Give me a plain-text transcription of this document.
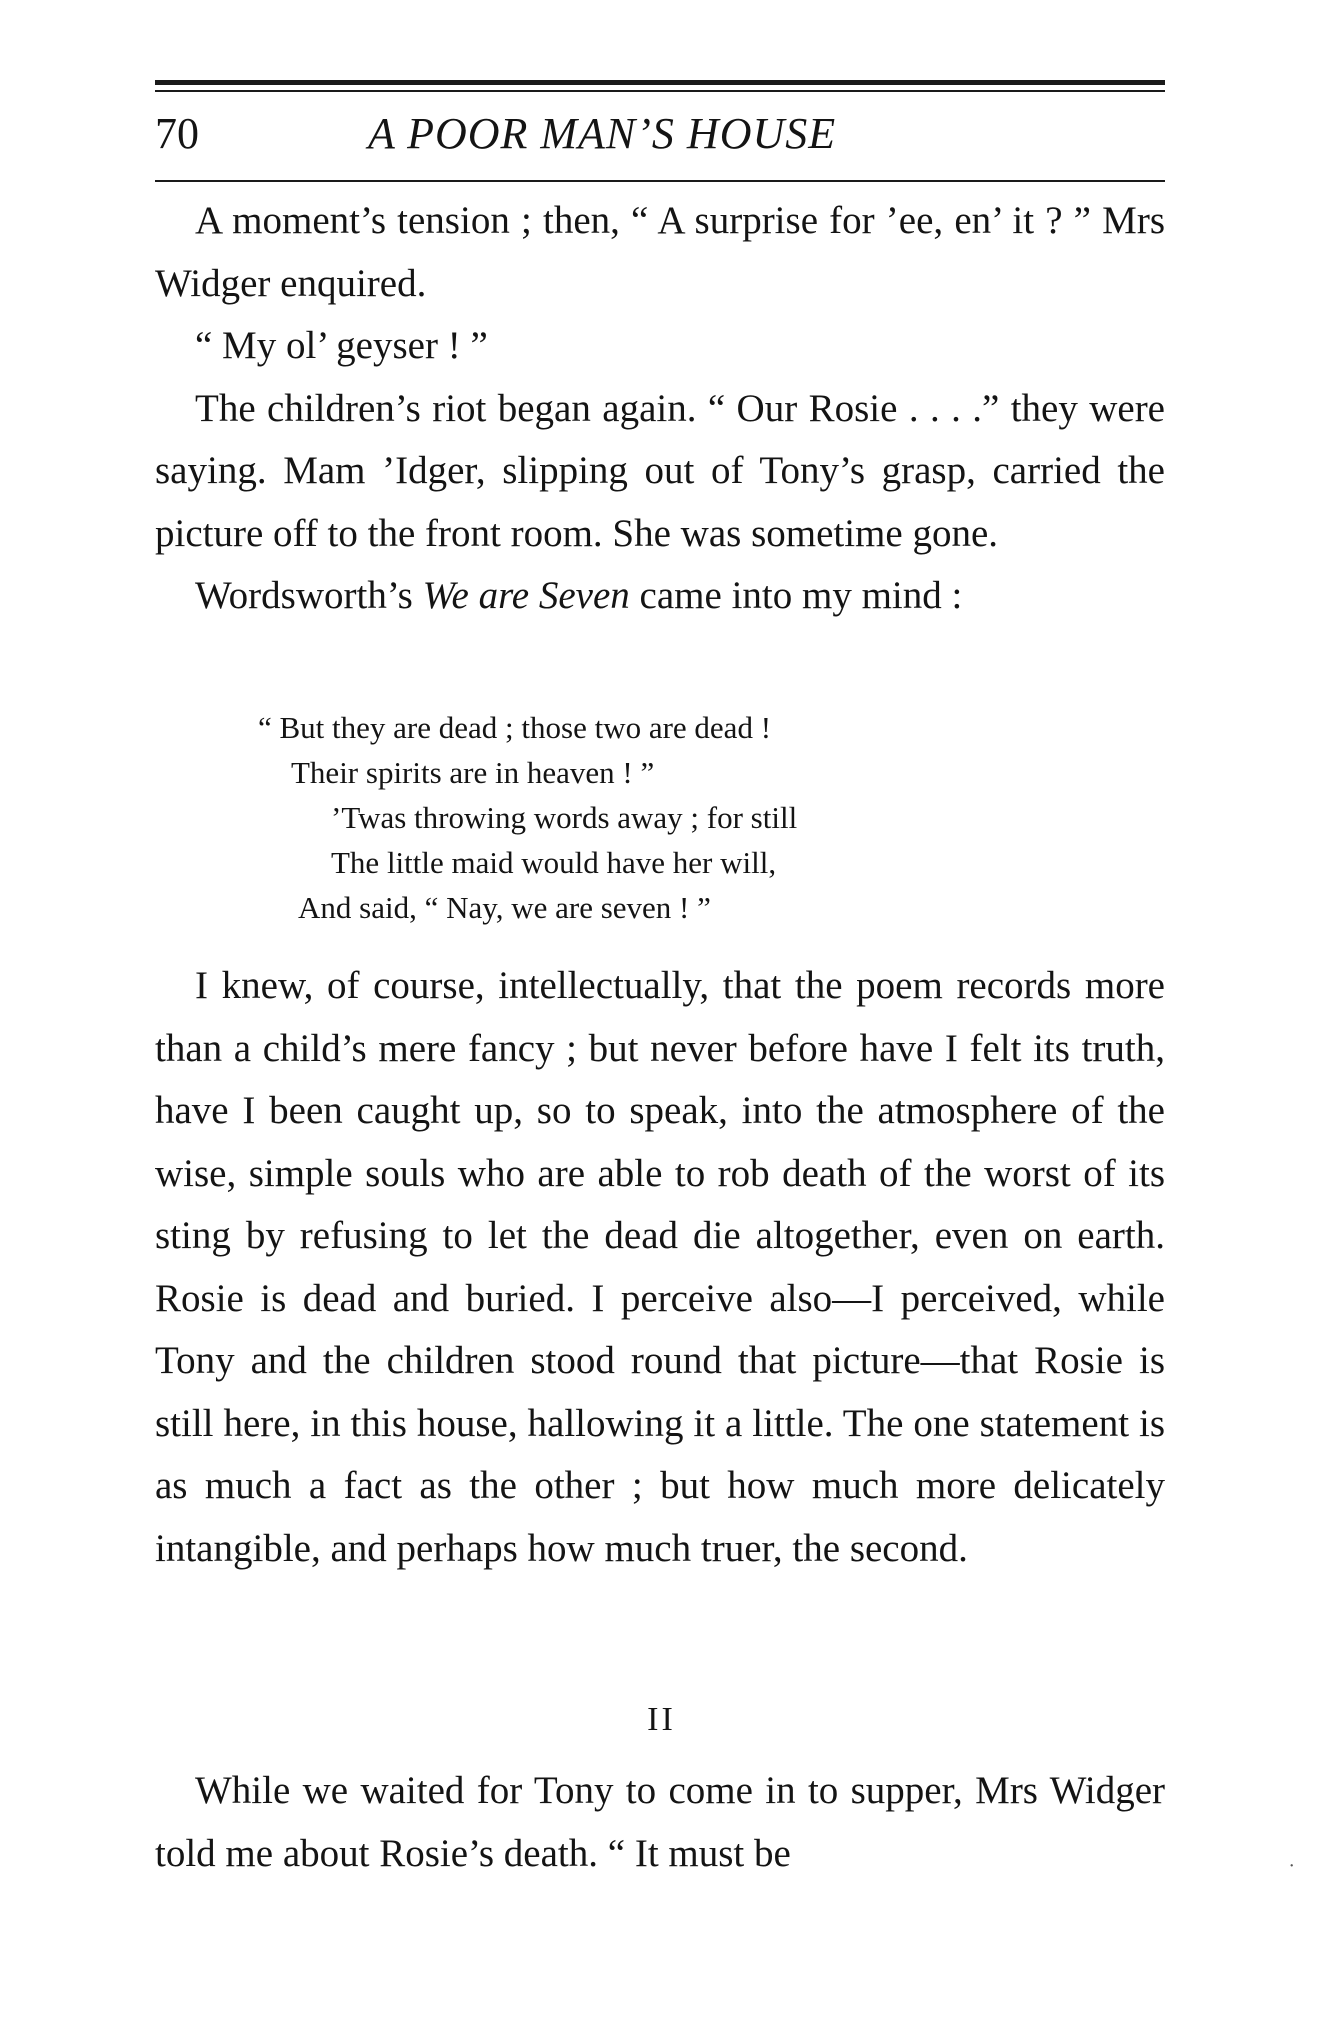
70	A POOR MAN’S HOUSE

A moment’s tension ; then, “ A surprise for ’ee, en’ it ? ” Mrs Widger enquired.

“ My ol’ geyser ! ”

The children’s riot began again. “ Our Rosie . . . .” they were saying. Mam ’Idger, slipping out of Tony’s grasp, carried the picture off to the front room. She was sometime gone.

Wordsworth’s We are Seven came into my mind :

“ But they are dead ; those two are dead !
Their spirits are in heaven ! ”
’Twas throwing words away ; for still
The little maid would have her will,
And said, “ Nay, we are seven ! ”

I knew, of course, intellectually, that the poem records more than a child’s mere fancy ; but never before have I felt its truth, have I been caught up, so to speak, into the atmosphere of the wise, simple souls who are able to rob death of the worst of its sting by refusing to let the dead die altogether, even on earth. Rosie is dead and buried. I perceive also—I perceived, while Tony and the children stood round that picture—that Rosie is still here, in this house, hallowing it a little. The one statement is as much a fact as the other ; but how much more delicately intangible, and perhaps how much truer, the second.

II

While we waited for Tony to come in to supper, Mrs Widger told me about Rosie’s death. “ It must be	·
